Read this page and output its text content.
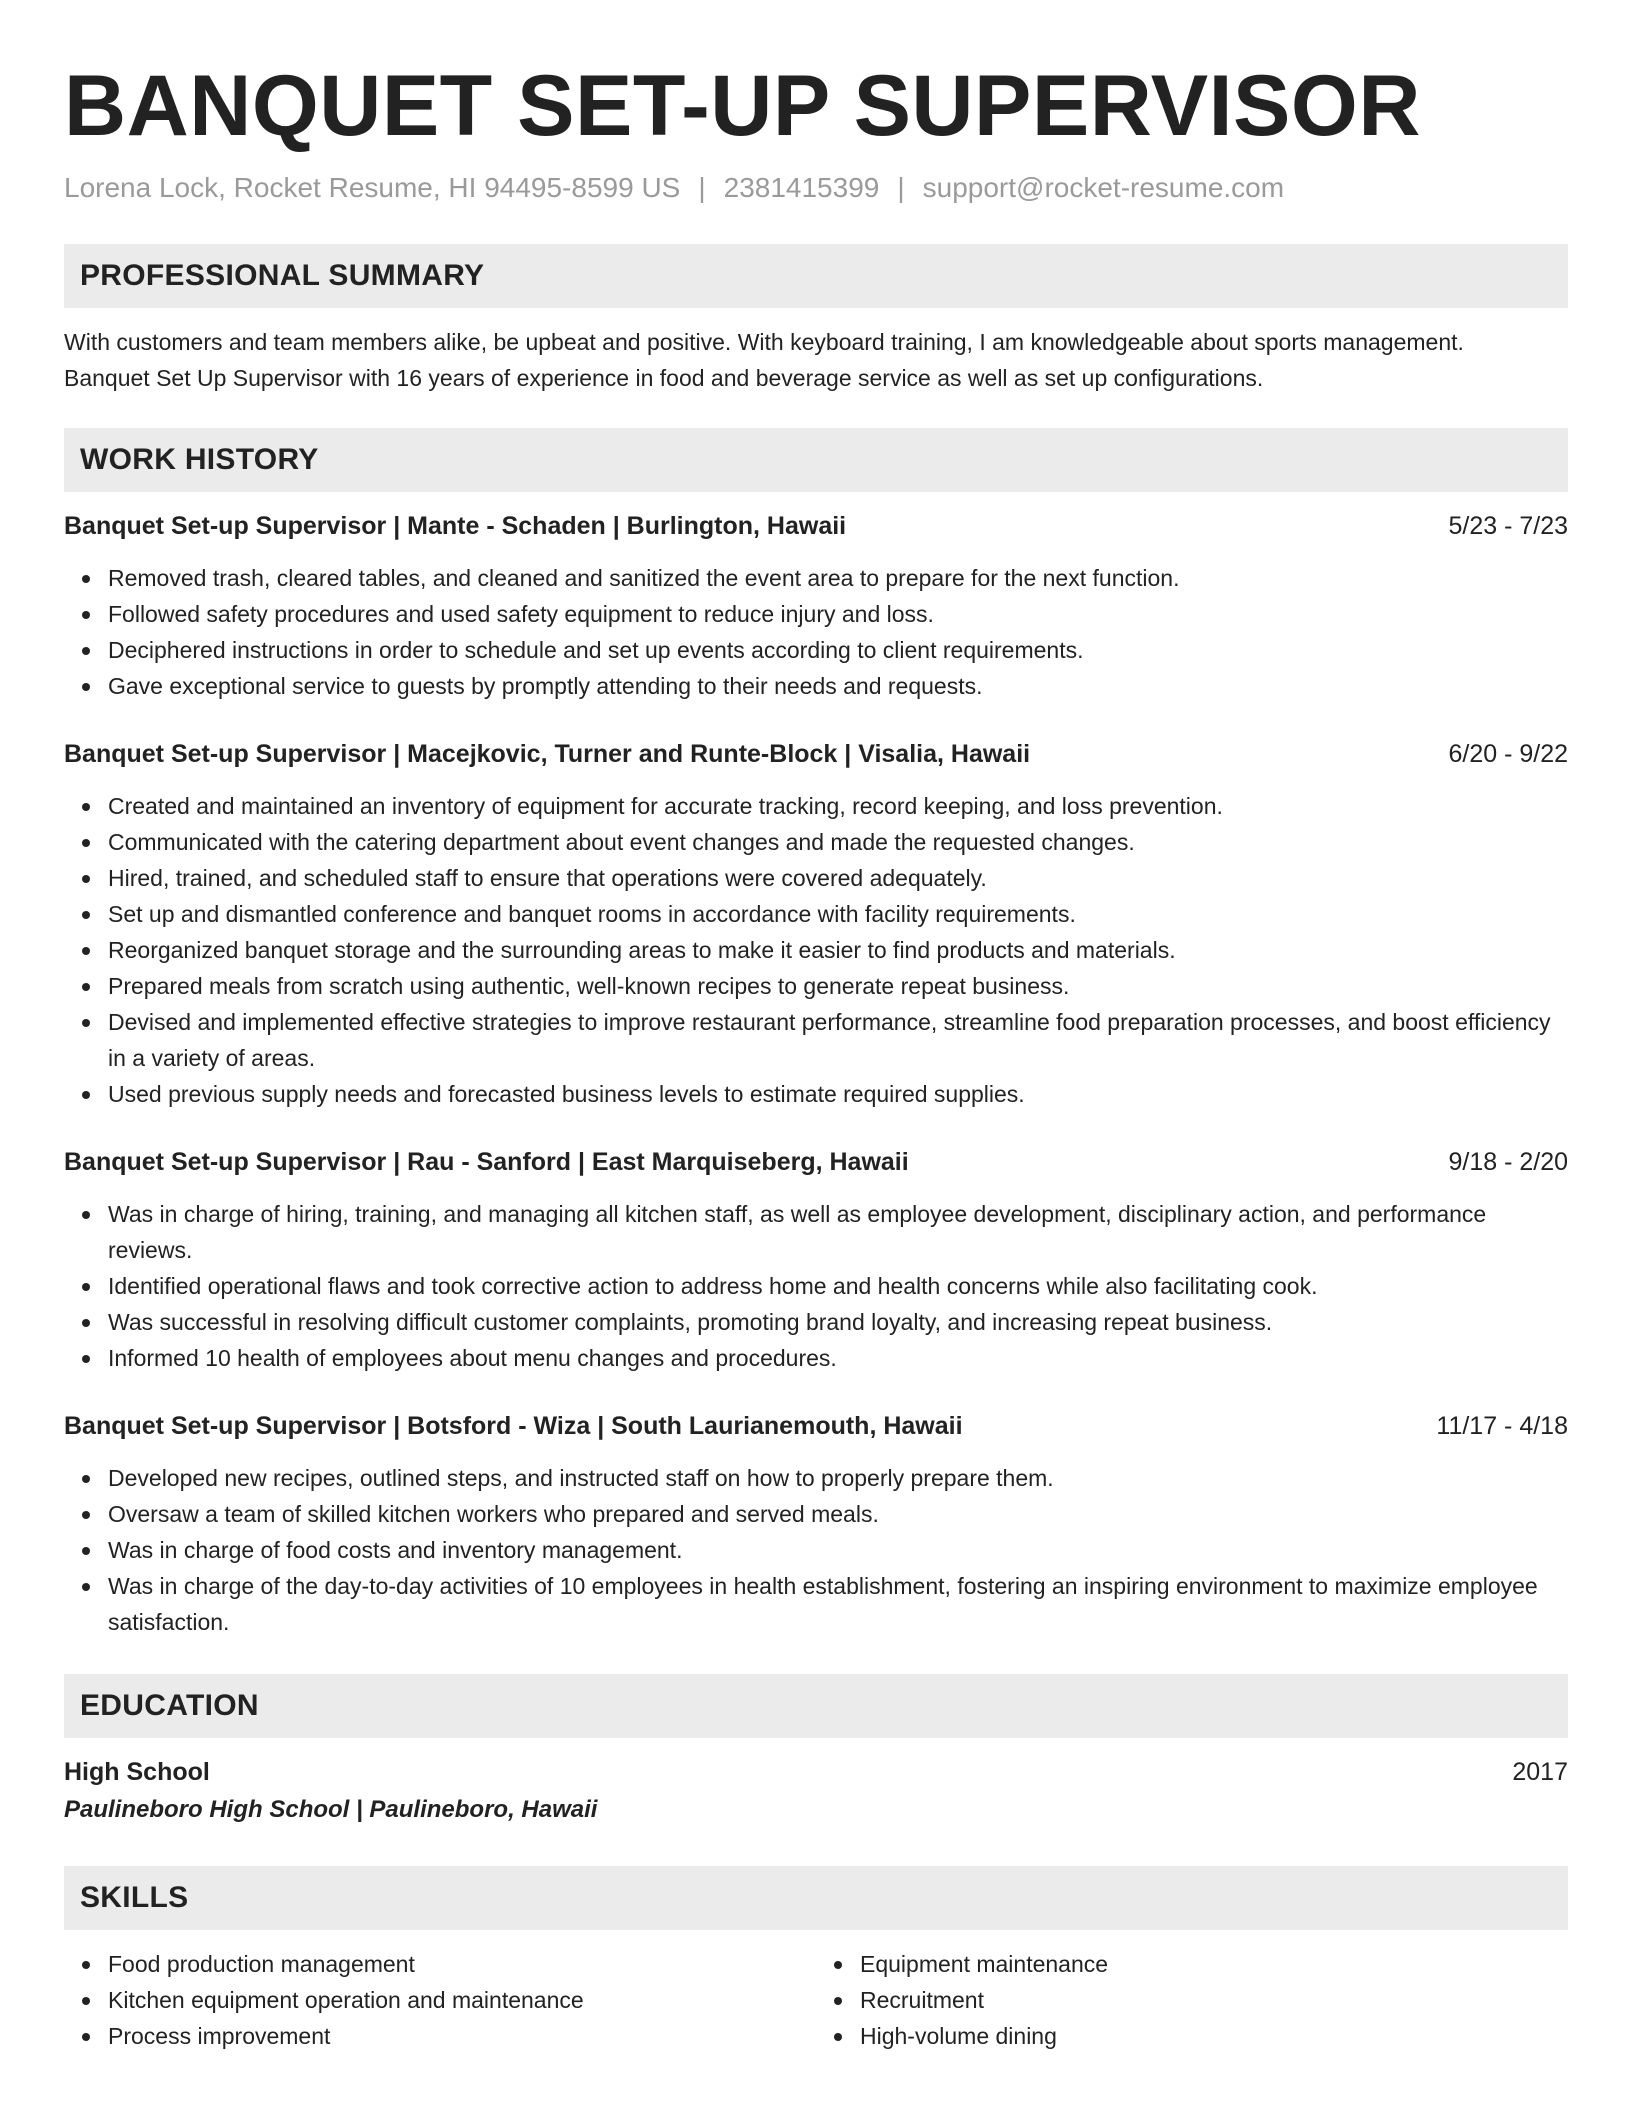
BANQUET SET-UP SUPERVISOR
Lorena Lock, Rocket Resume, HI 94495-8599 US | 2381415399 | support@rocket-resume.com
PROFESSIONAL SUMMARY
With customers and team members alike, be upbeat and positive. With keyboard training, I am knowledgeable about sports management. Banquet Set Up Supervisor with 16 years of experience in food and beverage service as well as set up configurations.
WORK HISTORY
Banquet Set-up Supervisor | Mante - Schaden | Burlington, Hawaii	5/23 - 7/23
Removed trash, cleared tables, and cleaned and sanitized the event area to prepare for the next function.
Followed safety procedures and used safety equipment to reduce injury and loss.
Deciphered instructions in order to schedule and set up events according to client requirements.
Gave exceptional service to guests by promptly attending to their needs and requests.
Banquet Set-up Supervisor | Macejkovic, Turner and Runte-Block | Visalia, Hawaii	6/20 - 9/22
Created and maintained an inventory of equipment for accurate tracking, record keeping, and loss prevention.
Communicated with the catering department about event changes and made the requested changes.
Hired, trained, and scheduled staff to ensure that operations were covered adequately.
Set up and dismantled conference and banquet rooms in accordance with facility requirements.
Reorganized banquet storage and the surrounding areas to make it easier to find products and materials.
Prepared meals from scratch using authentic, well-known recipes to generate repeat business.
Devised and implemented effective strategies to improve restaurant performance, streamline food preparation processes, and boost efficiency in a variety of areas.
Used previous supply needs and forecasted business levels to estimate required supplies.
Banquet Set-up Supervisor | Rau - Sanford | East Marquiseberg, Hawaii	9/18 - 2/20
Was in charge of hiring, training, and managing all kitchen staff, as well as employee development, disciplinary action, and performance reviews.
Identified operational flaws and took corrective action to address home and health concerns while also facilitating cook.
Was successful in resolving difficult customer complaints, promoting brand loyalty, and increasing repeat business.
Informed 10 health of employees about menu changes and procedures.
Banquet Set-up Supervisor | Botsford - Wiza | South Laurianemouth, Hawaii	11/17 - 4/18
Developed new recipes, outlined steps, and instructed staff on how to properly prepare them.
Oversaw a team of skilled kitchen workers who prepared and served meals.
Was in charge of food costs and inventory management.
Was in charge of the day-to-day activities of 10 employees in health establishment, fostering an inspiring environment to maximize employee satisfaction.
EDUCATION
High School	2017
Paulineboro High School | Paulineboro, Hawaii
SKILLS
Food production management
Kitchen equipment operation and maintenance
Process improvement
Equipment maintenance
Recruitment
High-volume dining
